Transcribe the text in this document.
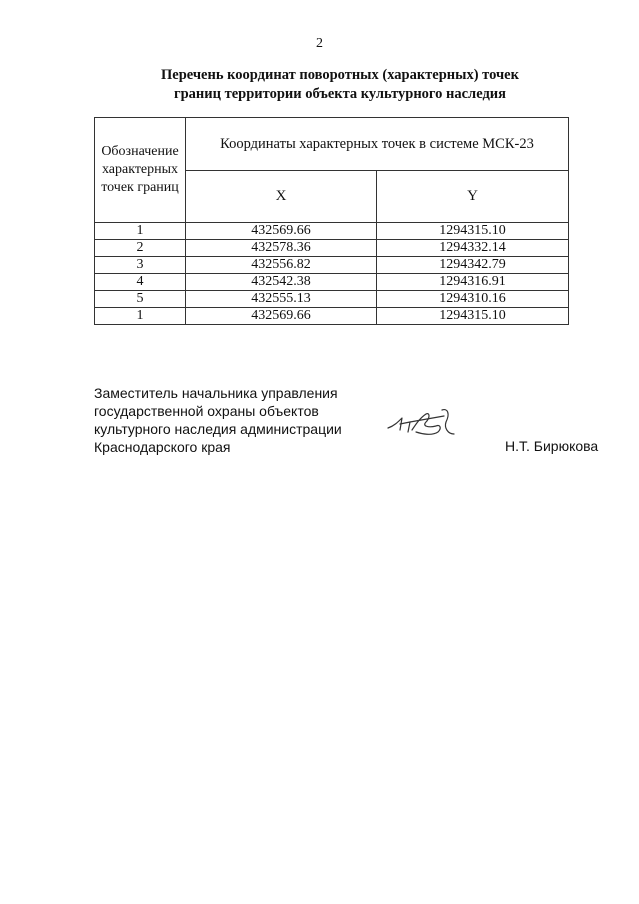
2
Перечень координат поворотных (характерных) точек
границ территории объекта культурного наследия
Обозначение характерных точек границ	Координаты характерных точек в системе МСК-23	
	X	Y
1	432569.66	1294315.10
2	432578.36	1294332.14
3	432556.82	1294342.79
4	432542.38	1294316.91
5	432555.13	1294310.16
1	432569.66	1294315.10
Заместитель начальника управления
государственной охраны объектов
культурного наследия администрации
Краснодарского края	Н.Т. Бирюкова
